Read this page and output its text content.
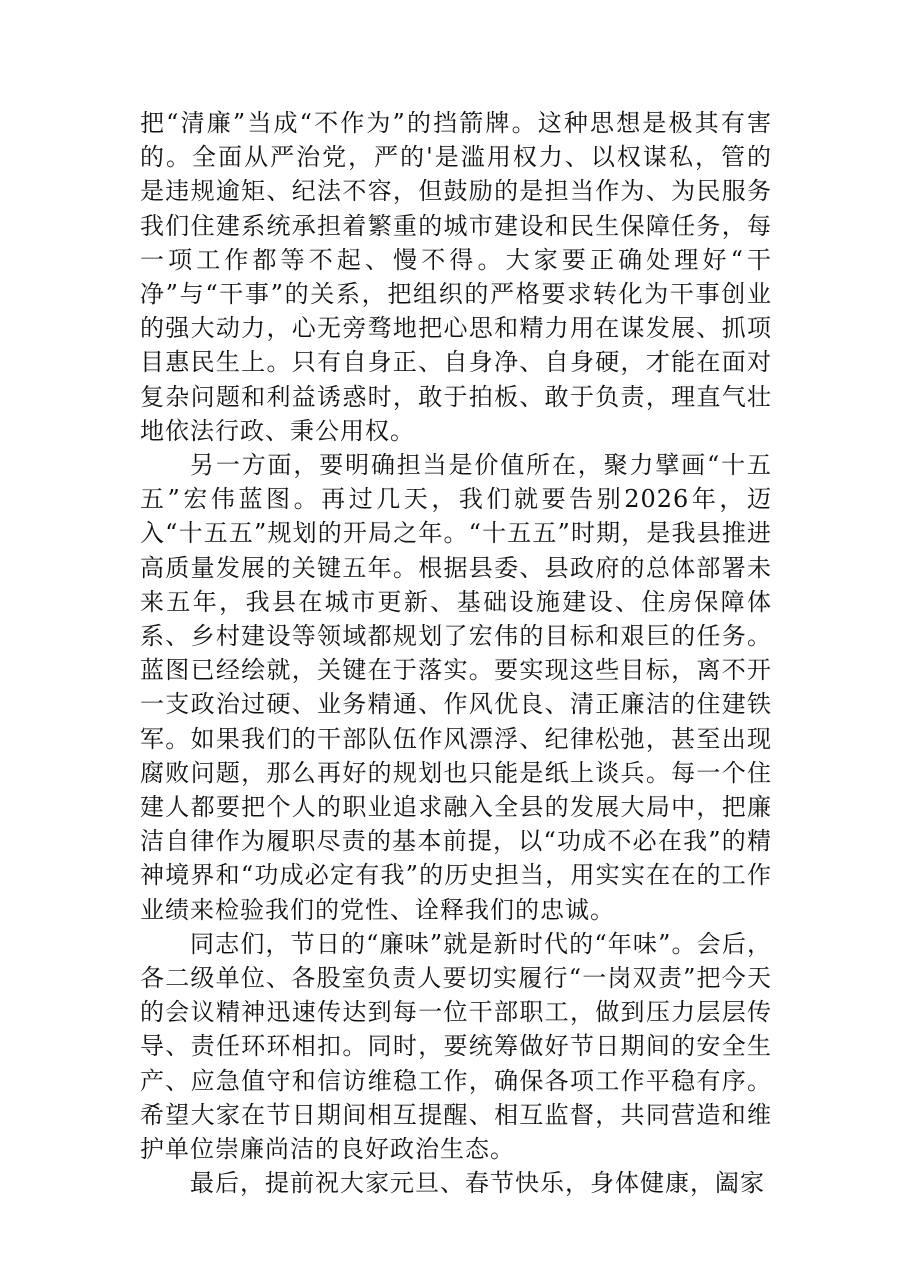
把“清廉”当成“不作为”的挡箭牌。这种思想是极其有害的。全面从严治党，严的'是滥用权力、以权谋私，管的是违规逾矩、纪法不容，但鼓励的是担当作为、为民服务我们住建系统承担着繁重的城市建设和民生保障任务，每一项工作都等不起、慢不得。大家要正确处理好“干净”与“干事”的关系，把组织的严格要求转化为干事创业的强大动力，心无旁骛地把心思和精力用在谋发展、抓项目惠民生上。只有自身正、自身净、自身硬，才能在面对复杂问题和利益诱惑时，敢于拍板、敢于负责，理直气壮地依法行政、秉公用权。

另一方面，要明确担当是价值所在，聚力擘画“十五五”宏伟蓝图。再过几天，我们就要告别2026年，迈入“十五五”规划的开局之年。“十五五”时期，是我县推进高质量发展的关键五年。根据县委、县政府的总体部署未来五年，我县在城市更新、基础设施建设、住房保障体系、乡村建设等领域都规划了宏伟的目标和艰巨的任务。蓝图已经绘就，关键在于落实。要实现这些目标，离不开一支政治过硬、业务精通、作风优良、清正廉洁的住建铁军。如果我们的干部队伍作风漂浮、纪律松弛，甚至出现腐败问题，那么再好的规划也只能是纸上谈兵。每一个住建人都要把个人的职业追求融入全县的发展大局中，把廉洁自律作为履职尽责的基本前提，以“功成不必在我”的精神境界和“功成必定有我”的历史担当，用实实在在的工作业绩来检验我们的党性、诠释我们的忠诚。

同志们，节日的“廉味”就是新时代的“年味”。会后，各二级单位、各股室负责人要切实履行“一岗双责”把今天的会议精神迅速传达到每一位干部职工，做到压力层层传导、责任环环相扣。同时，要统筹做好节日期间的安全生产、应急值守和信访维稳工作，确保各项工作平稳有序。希望大家在节日期间相互提醒、相互监督，共同营造和维护单位崇廉尚洁的良好政治生态。

最后，提前祝大家元旦、春节快乐，身体健康，阖家
